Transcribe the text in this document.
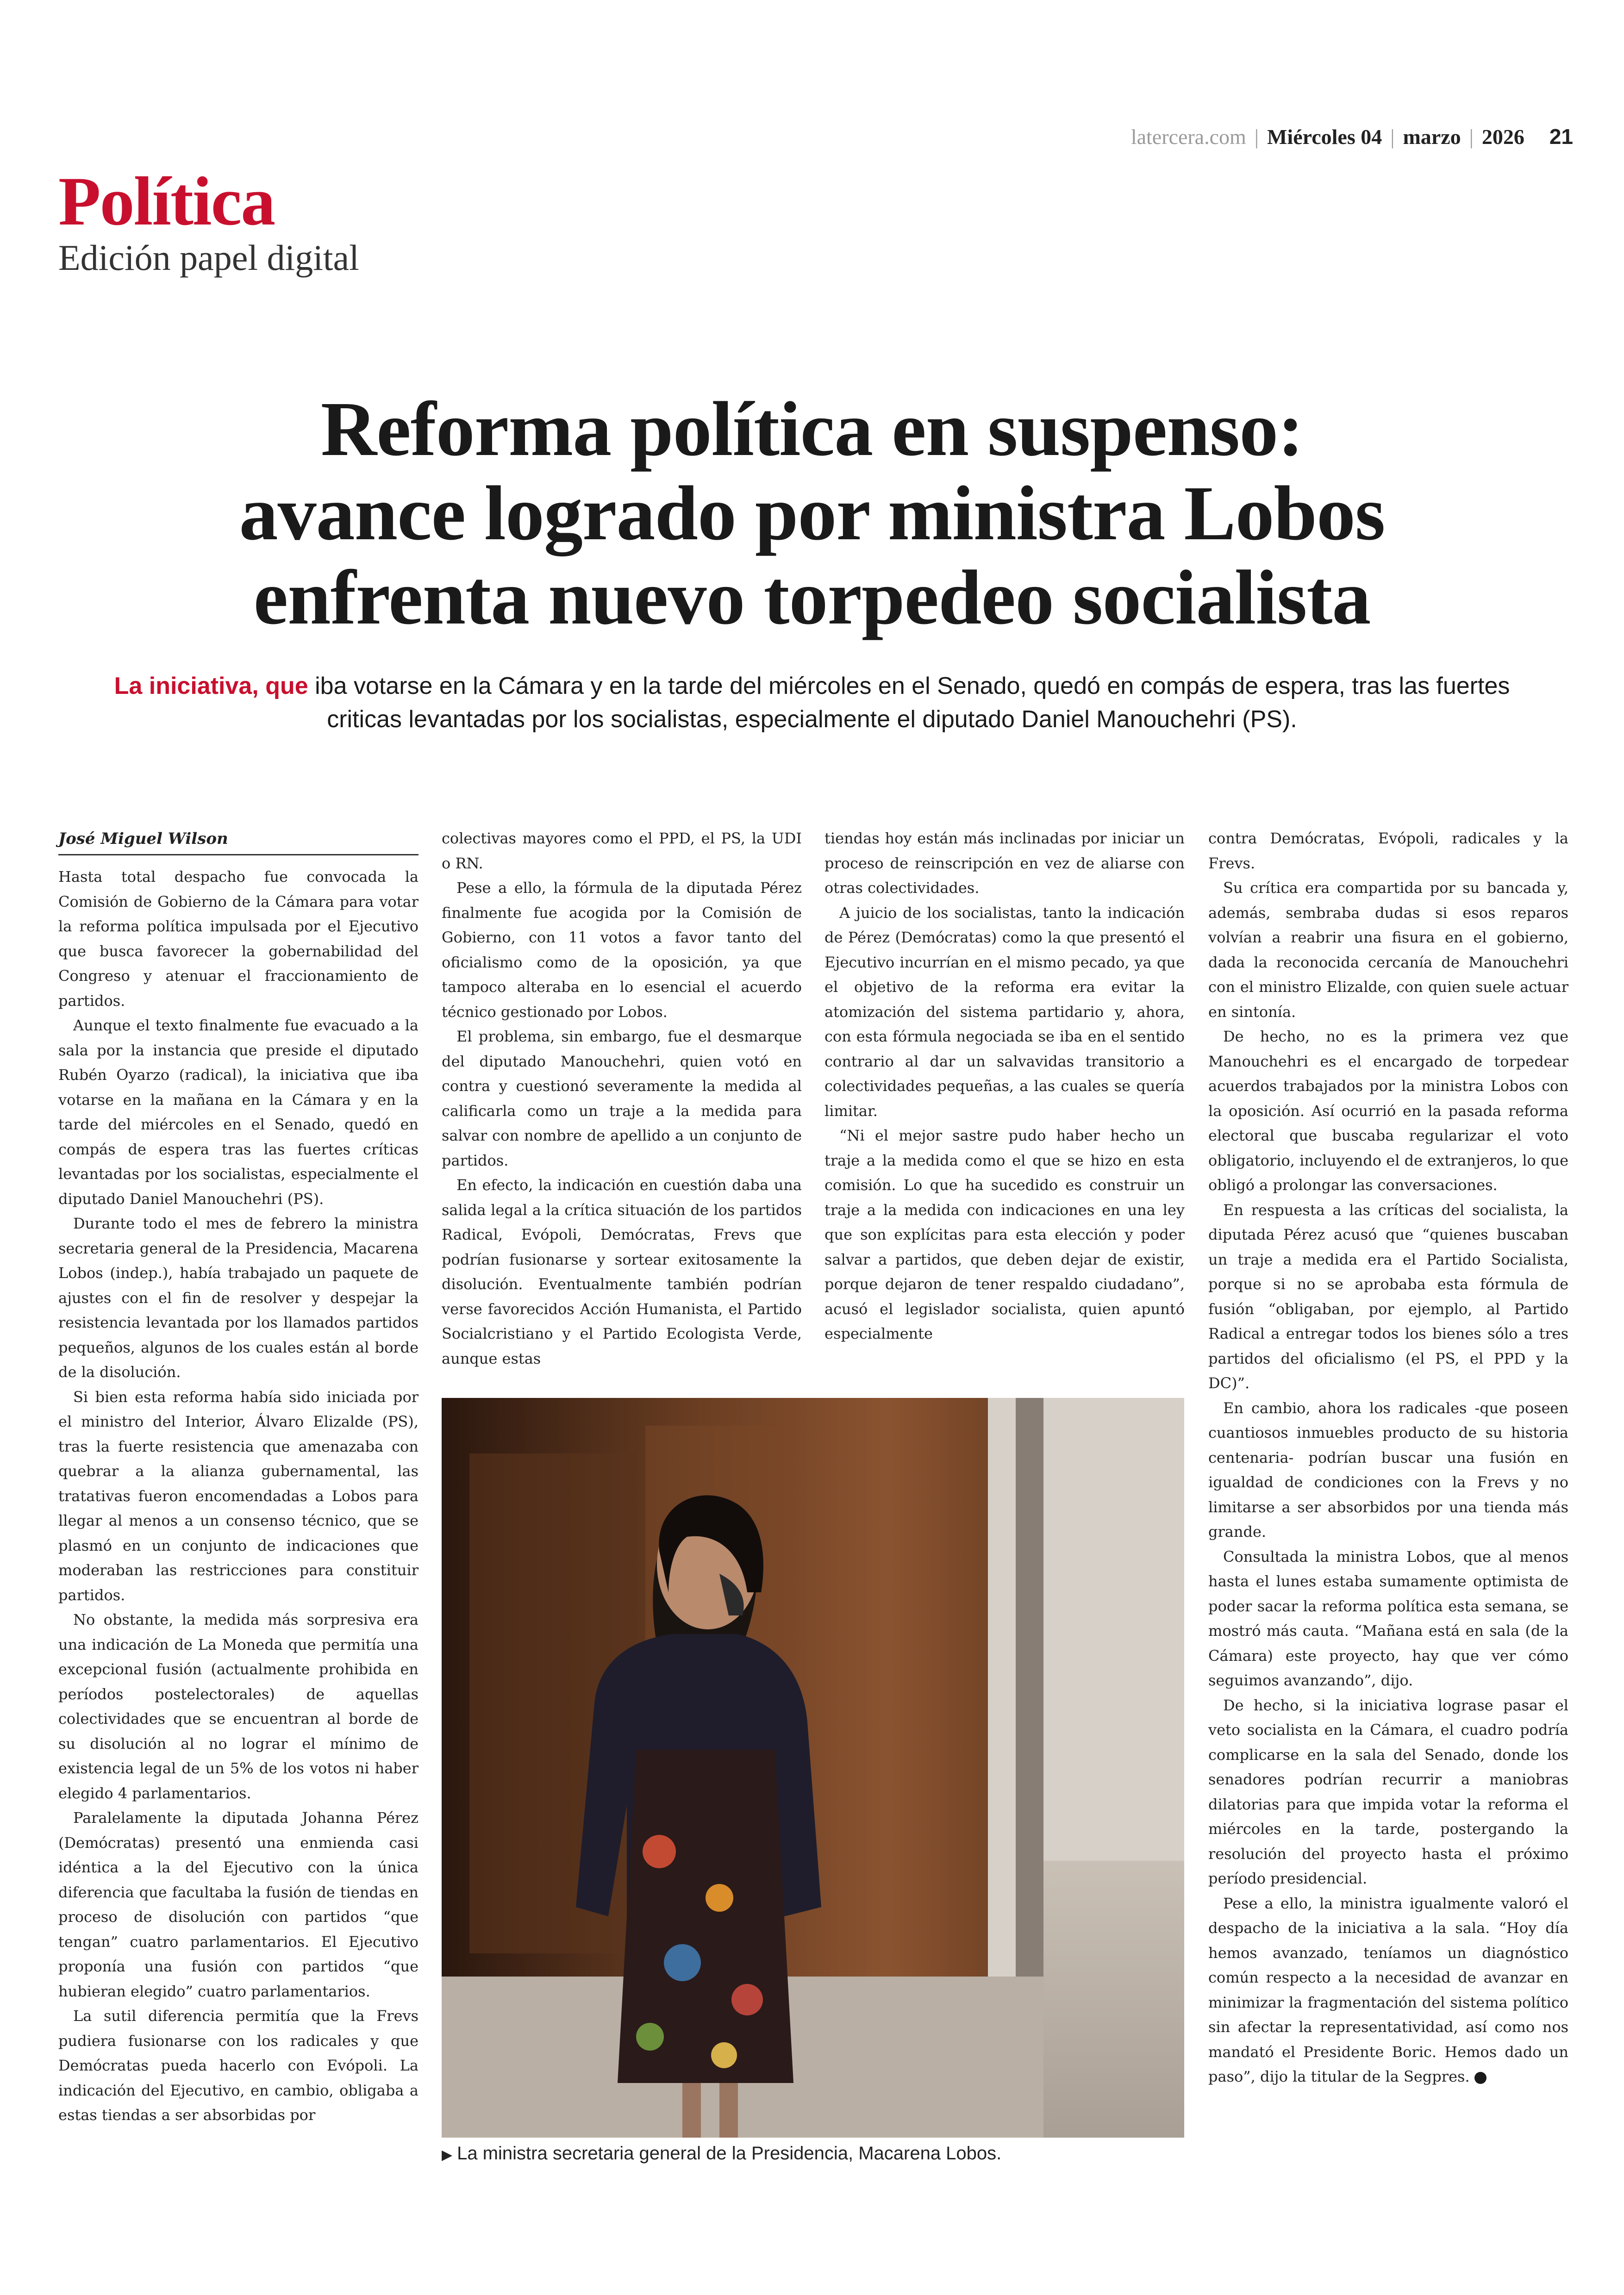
latercera.com | Miércoles 04 | marzo | 2026 21
Política
Edición papel digital
Reforma política en suspenso:
avance logrado por ministra Lobos
enfrenta nuevo torpedeo socialista
La iniciativa, que iba votarse en la Cámara y en la tarde del miércoles en el Senado, quedó en compás de espera, tras las fuertes criticas levantadas por los socialistas, especialmente el diputado Daniel Manouchehri (PS).
José Miguel Wilson

Hasta total despacho fue convocada la Comisión de Gobierno de la Cámara para votar la reforma política impulsada por el Ejecutivo que busca favorecer la gobernabilidad del Congreso y atenuar el fraccionamiento de partidos.

Aunque el texto finalmente fue evacuado a la sala por la instancia que preside el diputado Rubén Oyarzo (radical), la iniciativa que iba votarse en la mañana en la Cámara y en la tarde del miércoles en el Senado, quedó en compás de espera tras las fuertes críticas levantadas por los socialistas, especialmente el diputado Daniel Manouchehri (PS).

Durante todo el mes de febrero la ministra secretaria general de la Presidencia, Macarena Lobos (indep.), había trabajado un paquete de ajustes con el fin de resolver y despejar la resistencia levantada por los llamados partidos pequeños, algunos de los cuales están al borde de la disolución.

Si bien esta reforma había sido iniciada por el ministro del Interior, Álvaro Elizalde (PS), tras la fuerte resistencia que amenazaba con quebrar a la alianza gubernamental, las tratativas fueron encomendadas a Lobos para llegar al menos a un consenso técnico, que se plasmó en un conjunto de indicaciones que moderaban las restricciones para constituir partidos.

No obstante, la medida más sorpresiva era una indicación de La Moneda que permitía una excepcional fusión (actualmente prohibida en períodos postelectorales) de aquellas colectividades que se encuentran al borde de su disolución al no lograr el mínimo de existencia legal de un 5% de los votos ni haber elegido 4 parlamentarios.

Paralelamente la diputada Johanna Pérez (Demócratas) presentó una enmienda casi idéntica a la del Ejecutivo con la única diferencia que facultaba la fusión de tiendas en proceso de disolución con partidos “que tengan” cuatro parlamentarios. El Ejecutivo proponía una fusión con partidos “que hubieran elegido” cuatro parlamentarios.

La sutil diferencia permitía que la Frevs pudiera fusionarse con los radicales y que Demócratas pueda hacerlo con Evópoli. La indicación del Ejecutivo, en cambio, obligaba a estas tiendas a ser absorbidas por

colectivas mayores como el PPD, el PS, la UDI o RN.

Pese a ello, la fórmula de la diputada Pérez finalmente fue acogida por la Comisión de Gobierno, con 11 votos a favor tanto del oficialismo como de la oposición, ya que tampoco alteraba en lo esencial el acuerdo técnico gestionado por Lobos.

El problema, sin embargo, fue el desmarque del diputado Manouchehri, quien votó en contra y cuestionó severamente la medida al calificarla como un traje a la medida para salvar con nombre de apellido a un conjunto de partidos.

En efecto, la indicación en cuestión daba una salida legal a la crítica situación de los partidos Radical, Evópoli, Demócratas, Frevs que podrían fusionarse y sortear exitosamente la disolución. Eventualmente también podrían verse favorecidos Acción Humanista, el Partido Socialcristiano y el Partido Ecologista Verde, aunque estas

tiendas hoy están más inclinadas por iniciar un proceso de reinscripción en vez de aliarse con otras colectividades.

A juicio de los socialistas, tanto la indicación de Pérez (Demócratas) como la que presentó el Ejecutivo incurrían en el mismo pecado, ya que el objetivo de la reforma era evitar la atomización del sistema partidario y, ahora, con esta fórmula negociada se iba en el sentido contrario al dar un salvavidas transitorio a colectividades pequeñas, a las cuales se quería limitar.

“Ni el mejor sastre pudo haber hecho un traje a la medida como el que se hizo en esta comisión. Lo que ha sucedido es construir un traje a la medida con indicaciones en una ley que son explícitas para esta elección y poder salvar a partidos, que deben dejar de existir, porque dejaron de tener respaldo ciudadano”, acusó el legislador socialista, quien apuntó especialmente

contra Demócratas, Evópoli, radicales y la Frevs.

Su crítica era compartida por su bancada y, además, sembraba dudas si esos reparos volvían a reabrir una fisura en el gobierno, dada la reconocida cercanía de Manouchehri con el ministro Elizalde, con quien suele actuar en sintonía.

De hecho, no es la primera vez que Manouchehri es el encargado de torpedear acuerdos trabajados por la ministra Lobos con la oposición. Así ocurrió en la pasada reforma electoral que buscaba regularizar el voto obligatorio, incluyendo el de extranjeros, lo que obligó a prolongar las conversaciones.

En respuesta a las críticas del socialista, la diputada Pérez acusó que “quienes buscaban un traje a medida era el Partido Socialista, porque si no se aprobaba esta fórmula de fusión “obligaban, por ejemplo, al Partido Radical a entregar todos los bienes sólo a tres partidos del oficialismo (el PS, el PPD y la DC)”.

En cambio, ahora los radicales -que poseen cuantiosos inmuebles producto de su historia centenaria- podrían buscar una fusión en igualdad de condiciones con la Frevs y no limitarse a ser absorbidos por una tienda más grande.

Consultada la ministra Lobos, que al menos hasta el lunes estaba sumamente optimista de poder sacar la reforma política esta semana, se mostró más cauta. “Mañana está en sala (de la Cámara) este proyecto, hay que ver cómo seguimos avanzando”, dijo.

De hecho, si la iniciativa lograse pasar el veto socialista en la Cámara, el cuadro podría complicarse en la sala del Senado, donde los senadores podrían recurrir a maniobras dilatorias para que impida votar la reforma el miércoles en la tarde, postergando la resolución del proyecto hasta el próximo período presidencial.

Pese a ello, la ministra igualmente valoró el despacho de la iniciativa a la sala. “Hoy día hemos avanzado, teníamos un diagnóstico común respecto a la necesidad de avanzar en minimizar la fragmentación del sistema político sin afectar la representatividad, así como nos mandató el Presidente Boric. Hemos dado un paso”, dijo la titular de la Segpres.

▶ La ministra secretaria general de la Presidencia, Macarena Lobos.
